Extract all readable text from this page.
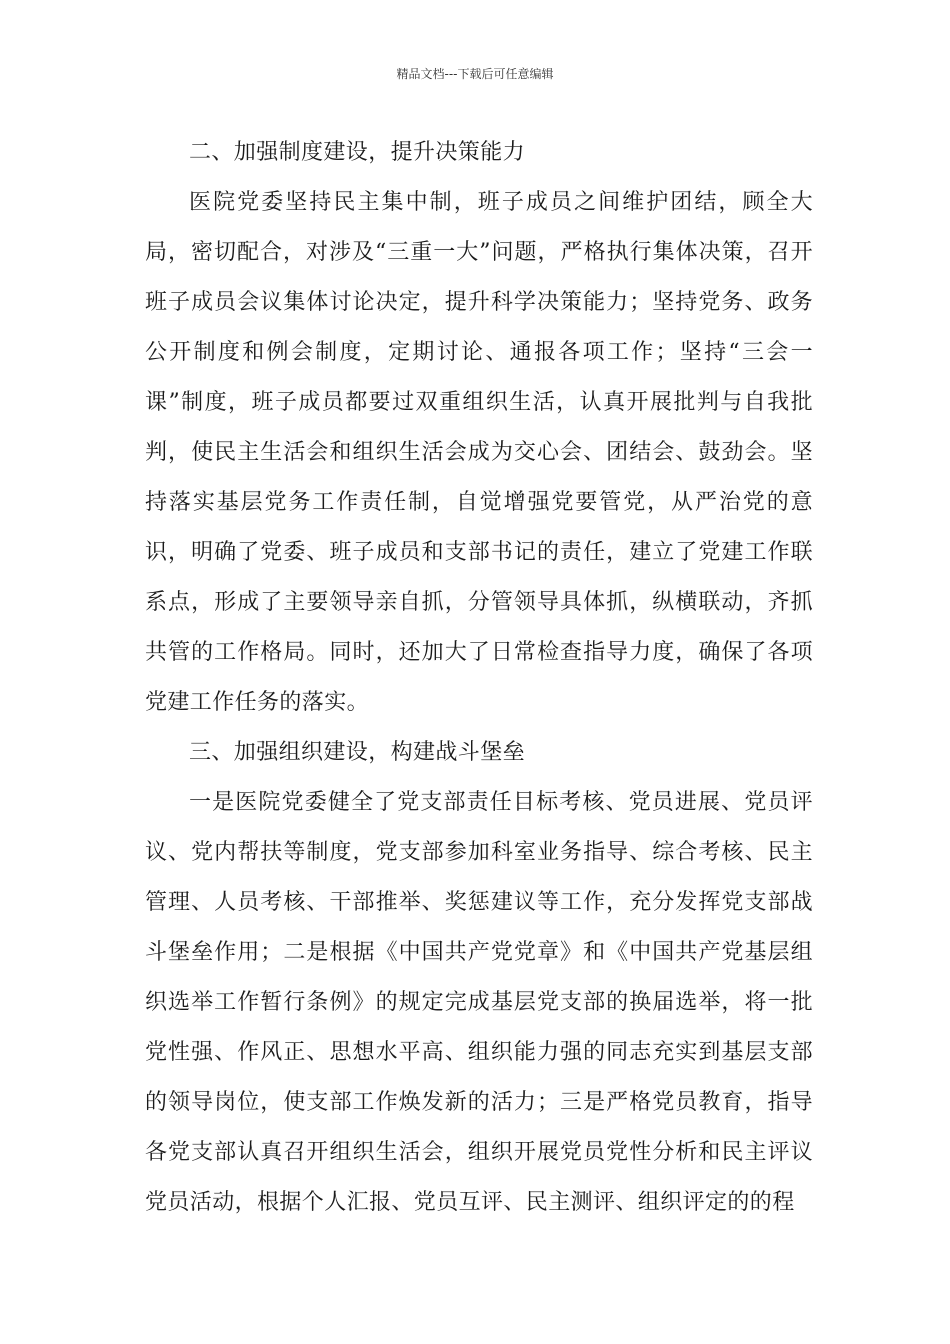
精品文档---下载后可任意编辑

二、加强制度建设，提升决策能力

医院党委坚持民主集中制，班子成员之间维护团结，顾全大局，密切配合，对涉及“三重一大”问题，严格执行集体决策，召开班子成员会议集体讨论决定，提升科学决策能力；坚持党务、政务公开制度和例会制度，定期讨论、通报各项工作；坚持“三会一课”制度，班子成员都要过双重组织生活，认真开展批判与自我批判，使民主生活会和组织生活会成为交心会、团结会、鼓劲会。坚持落实基层党务工作责任制，自觉增强党要管党，从严治党的意识，明确了党委、班子成员和支部书记的责任，建立了党建工作联系点，形成了主要领导亲自抓，分管领导具体抓，纵横联动，齐抓共管的工作格局。同时，还加大了日常检查指导力度，确保了各项党建工作任务的落实。

三、加强组织建设，构建战斗堡垒

一是医院党委健全了党支部责任目标考核、党员进展、党员评议、党内帮扶等制度，党支部参加科室业务指导、综合考核、民主管理、人员考核、干部推举、奖惩建议等工作，充分发挥党支部战斗堡垒作用；二是根据《中国共产党党章》和《中国共产党基层组织选举工作暂行条例》的规定完成基层党支部的换届选举，将一批党性强、作风正、思想水平高、组织能力强的同志充实到基层支部的领导岗位，使支部工作焕发新的活力；三是严格党员教育，指导各党支部认真召开组织生活会，组织开展党员党性分析和民主评议党员活动，根据个人汇报、党员互评、民主测评、组织评定的的程
